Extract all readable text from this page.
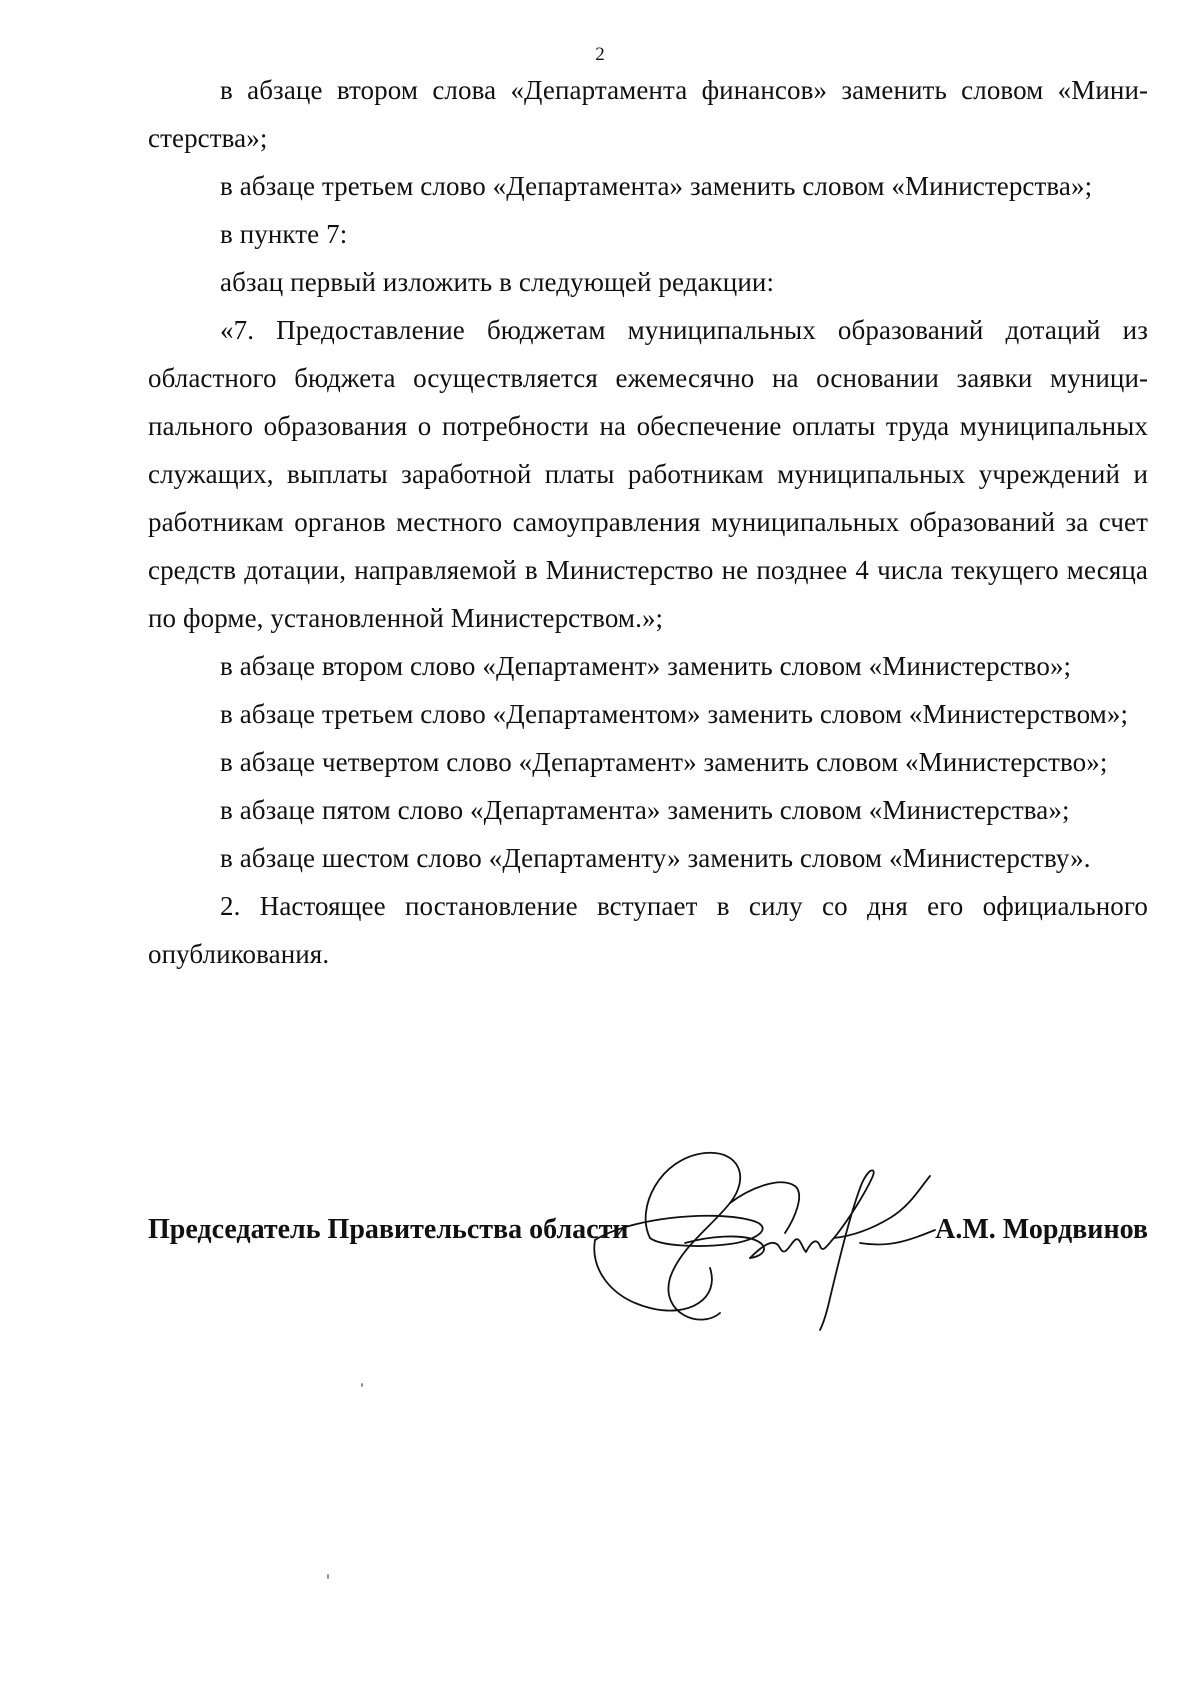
2

в абзаце втором слова «Департамента финансов» заменить словом «Министерства»;

в абзаце третьем слово «Департамента» заменить словом «Министерства»;

в пункте 7:

абзац первый изложить в следующей редакции:

«7. Предоставление бюджетам муниципальных образований дотаций из областного бюджета осуществляется ежемесячно на основании заявки муниципального образования о потребности на обеспечение оплаты труда муниципальных служащих, выплаты заработной платы работникам муниципальных учреждений и работникам органов местного самоуправления муниципальных образований за счет средств дотации, направляемой в Министерство не позднее 4 числа текущего месяца по форме, установленной Министерством.»;

в абзаце втором слово «Департамент» заменить словом «Министерство»;

в абзаце третьем слово «Департаментом» заменить словом «Министерством»;

в абзаце четвертом слово «Департамент» заменить словом «Министерство»;

в абзаце пятом слово «Департамента» заменить словом «Министерства»;

в абзаце шестом слово «Департаменту» заменить словом «Министерству».

2. Настоящее постановление вступает в силу со дня его официального опубликования.

Председатель Правительства области	А.М. Мордвинов
